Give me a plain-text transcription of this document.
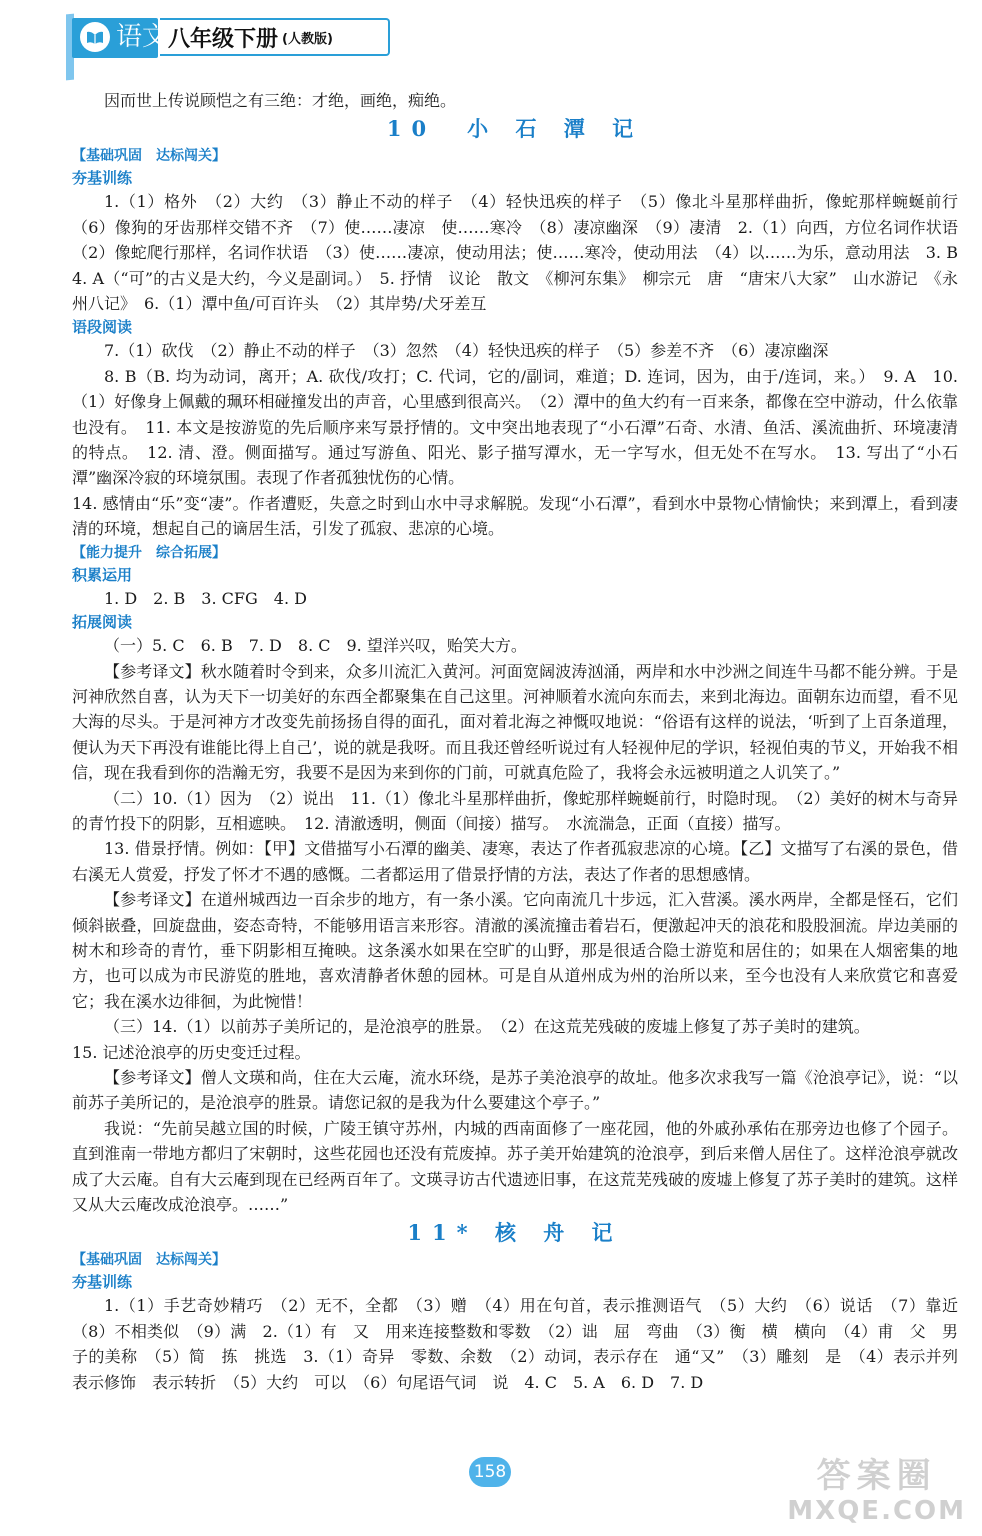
语文 八年级下册 (人教版)

因而世上传说顾恺之有三绝：才绝，画绝，痴绝。

10　小 石 潭 记

【基础巩固　达标闯关】

夯基训练

1.（1）格外　（2）大约　（3）静止不动的样子　（4）轻快迅疾的样子　（5）像北斗星那样曲折，像蛇那样蜿蜒前行　（6）像狗的牙齿那样交错不齐　（7）使……凄凉　使……寒冷　（8）凄凉幽深　（9）凄清　2.（1）向西，方位名词作状语　（2）像蛇爬行那样，名词作状语　（3）使……凄凉，使动用法；使……寒冷，使动用法　（4）以……为乐，意动用法　3. B　4. A（“可”的古义是大约，今义是副词。）　5. 抒情　议论　散文　《柳河东集》　柳宗元　唐　“唐宋八大家”　山水游记　《永州八记》　6.（1）潭中鱼/可百许头　（2）其岸势/犬牙差互

语段阅读

7.（1）砍伐　（2）静止不动的样子　（3）忽然　（4）轻快迅疾的样子　（5）参差不齐　（6）凄凉幽深

8. B（B. 均为动词，离开；A. 砍伐/攻打；C. 代词，它的/副词，难道；D. 连词，因为，由于/连词，来。）　9. A　10.（1）好像身上佩戴的珮环相碰撞发出的声音，心里感到很高兴。　（2）潭中的鱼大约有一百来条，都像在空中游动，什么依靠也没有。　11. 本文是按游览的先后顺序来写景抒情的。文中突出地表现了“小石潭”石奇、水清、鱼活、溪流曲折、环境凄清的特点。　12. 清、澄。侧面描写。通过写游鱼、阳光、影子描写潭水，无一字写水，但无处不在写水。　13. 写出了“小石潭”幽深冷寂的环境氛围。表现了作者孤独忧伤的心情。

14. 感情由“乐”变“凄”。作者遭贬，失意之时到山水中寻求解脱。发现“小石潭”，看到水中景物心情愉快；来到潭上，看到凄清的环境，想起自己的谪居生活，引发了孤寂、悲凉的心境。

【能力提升　综合拓展】

积累运用

1. D　2. B　3. CFG　4. D

拓展阅读

（一）5. C　6. B　7. D　8. C　9. 望洋兴叹，贻笑大方。

【参考译文】秋水随着时令到来，众多川流汇入黄河。河面宽阔波涛汹涌，两岸和水中沙洲之间连牛马都不能分辨。于是河神欣然自喜，认为天下一切美好的东西全都聚集在自己这里。河神顺着水流向东而去，来到北海边。面朝东边而望，看不见大海的尽头。于是河神方才改变先前扬扬自得的面孔，面对着北海之神慨叹地说：“俗语有这样的说法，‘听到了上百条道理，便认为天下再没有谁能比得上自己’，说的就是我呀。而且我还曾经听说过有人轻视仲尼的学识，轻视伯夷的节义，开始我不相信，现在我看到你的浩瀚无穷，我要不是因为来到你的门前，可就真危险了，我将会永远被明道之人讥笑了。”

（二）10.（1）因为　（2）说出　11.（1）像北斗星那样曲折，像蛇那样蜿蜒前行，时隐时现。　（2）美好的树木与奇异的青竹投下的阴影，互相遮映。　12. 清澈透明，侧面（间接）描写。　水流湍急，正面（直接）描写。

13. 借景抒情。例如：【甲】文借描写小石潭的幽美、凄寒，表达了作者孤寂悲凉的心境。【乙】文描写了右溪的景色，借右溪无人赏爱，抒发了怀才不遇的感慨。二者都运用了借景抒情的方法，表达了作者的思想感情。

【参考译文】在道州城西边一百余步的地方，有一条小溪。它向南流几十步远，汇入营溪。溪水两岸，全都是怪石，它们倾斜嵌叠，回旋盘曲，姿态奇特，不能够用语言来形容。清澈的溪流撞击着岩石，便激起冲天的浪花和股股洄流。岸边美丽的树木和珍奇的青竹，垂下阴影相互掩映。这条溪水如果在空旷的山野，那是很适合隐士游览和居住的；如果在人烟密集的地方，也可以成为市民游览的胜地，喜欢清静者休憩的园林。可是自从道州成为州的治所以来，至今也没有人来欣赏它和喜爱它；我在溪水边徘徊，为此惋惜！

（三）14.（1）以前苏子美所记的，是沧浪亭的胜景。　（2）在这荒芜残破的废墟上修复了苏子美时的建筑。

15. 记述沧浪亭的历史变迁过程。

【参考译文】僧人文瑛和尚，住在大云庵，流水环绕，是苏子美沧浪亭的故址。他多次求我写一篇《沧浪亭记》，说：“以前苏子美所记的，是沧浪亭的胜景。请您记叙的是我为什么要建这个亭子。”

我说：“先前吴越立国的时候，广陵王镇守苏州，内城的西南面修了一座花园，他的外戚孙承佑在那旁边也修了个园子。直到淮南一带地方都归了宋朝时，这些花园也还没有荒废掉。苏子美开始建筑的沧浪亭，到后来僧人居住了。这样沧浪亭就改成了大云庵。自有大云庵到现在已经两百年了。文瑛寻访古代遗迹旧事，在这荒芜残破的废墟上修复了苏子美时的建筑。这样又从大云庵改成沧浪亭。……”

11* 核 舟 记

【基础巩固　达标闯关】

夯基训练

1.（1）手艺奇妙精巧　（2）无不，全都　（3）赠　（4）用在句首，表示推测语气　（5）大约　（6）说话　（7）靠近　（8）不相类似　（9）满　2.（1）有　又　用来连接整数和零数　（2）诎　屈　弯曲　（3）衡　横　横向　（4）甫　父　男子的美称　（5）简　拣　挑选　3.（1）奇异　零数、余数　（2）动词，表示存在　通“又”　（3）雕刻　是　（4）表示并列　表示修饰　表示转折　（5）大约　可以　（6）句尾语气词　说　4. C　5. A　6. D　7. D

158	答案圈
MXQE.COM
